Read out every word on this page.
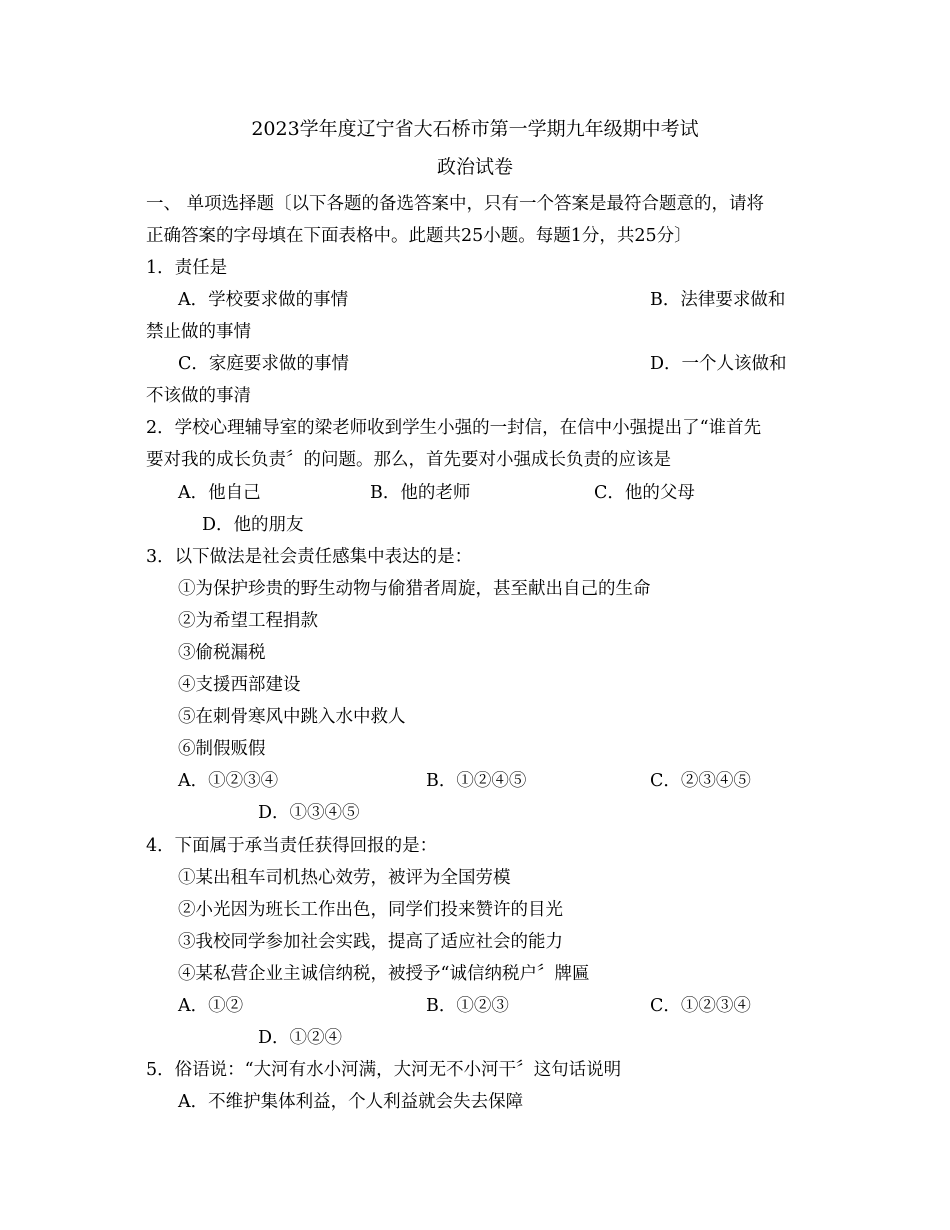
2023学年度辽宁省大石桥市第一学期九年级期中考试
政治试卷
一、 单项选择题〔以下各题的备选答案中，只有一个答案是最符合题意的，请将
正确答案的字母填在下面表格中。此题共25小题。每题1分，共25分〕
1．责任是
A．学校要求做的事情	B．法律要求做和
禁止做的事情
C．家庭要求做的事情	D．一个人该做和
不该做的事清
2．学校心理辅导室的梁老师收到学生小强的一封信，在信中小强提出了“谁首先
要对我的成长负责〞的问题。那么，首先要对小强成长负责的应该是
A．他自己	B．他的老师	C．他的父母
D．他的朋友
3．以下做法是社会责任感集中表达的是：
①为保护珍贵的野生动物与偷猎者周旋，甚至献出自己的生命
②为希望工程捐款
③偷税漏税
④支援西部建设
⑤在刺骨寒风中跳入水中救人
⑥制假贩假
A．①②③④	B．①②④⑤	C．②③④⑤
D．①③④⑤
4．下面属于承当责任获得回报的是：
①某出租车司机热心效劳，被评为全国劳模
②小光因为班长工作出色，同学们投来赞许的目光
③我校同学参加社会实践，提高了适应社会的能力
④某私营企业主诚信纳税，被授予“诚信纳税户〞牌匾
A．①②	B．①②③	C．①②③④
D．①②④
5．俗语说：“大河有水小河满，大河无不小河干〞这句话说明
A．不维护集体利益，个人利益就会失去保障
